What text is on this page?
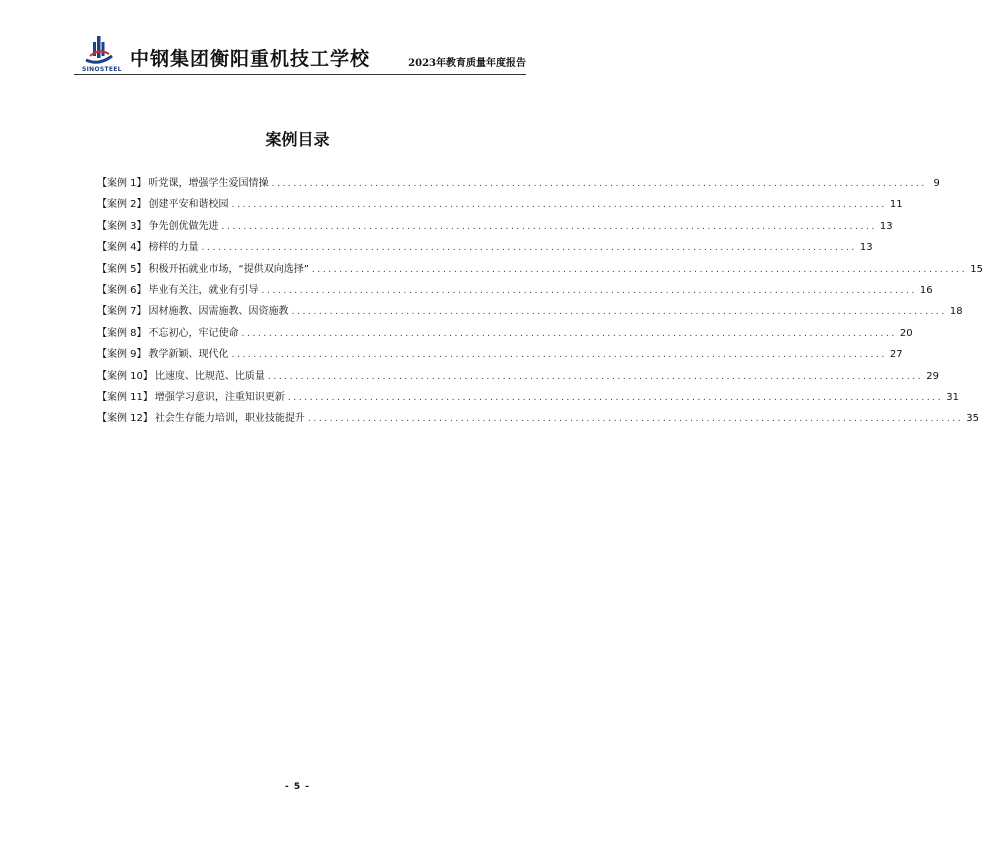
SINOSTEEL 中钢集团衡阳重机技工学校	2023年教育质量年度报告
案例目录
【案例 1】 听党课，增强学生爱国情操 ........................................................................................................................ 9
【案例 2】 创建平安和谐校园 ........................................................................................................................ 11
【案例 3】 争先创优做先进 ........................................................................................................................ 13
【案例 4】 榜样的力量 ........................................................................................................................ 13
【案例 5】 积极开拓就业市场，“提供双向选择” ........................................................................................................................ 15
【案例 6】 毕业有关注，就业有引导 ........................................................................................................................ 16
【案例 7】 因材施教、因需施教、因资施教 ........................................................................................................................ 18
【案例 8】 不忘初心，牢记使命 ........................................................................................................................ 20
【案例 9】 教学新颖、现代化 ........................................................................................................................ 27
【案例 10】 比速度、比规范、比质量 ........................................................................................................................ 29
【案例 11】 增强学习意识，注重知识更新 ........................................................................................................................ 31
【案例 12】 社会生存能力培训，职业技能提升 ........................................................................................................................ 35
- 5 -
